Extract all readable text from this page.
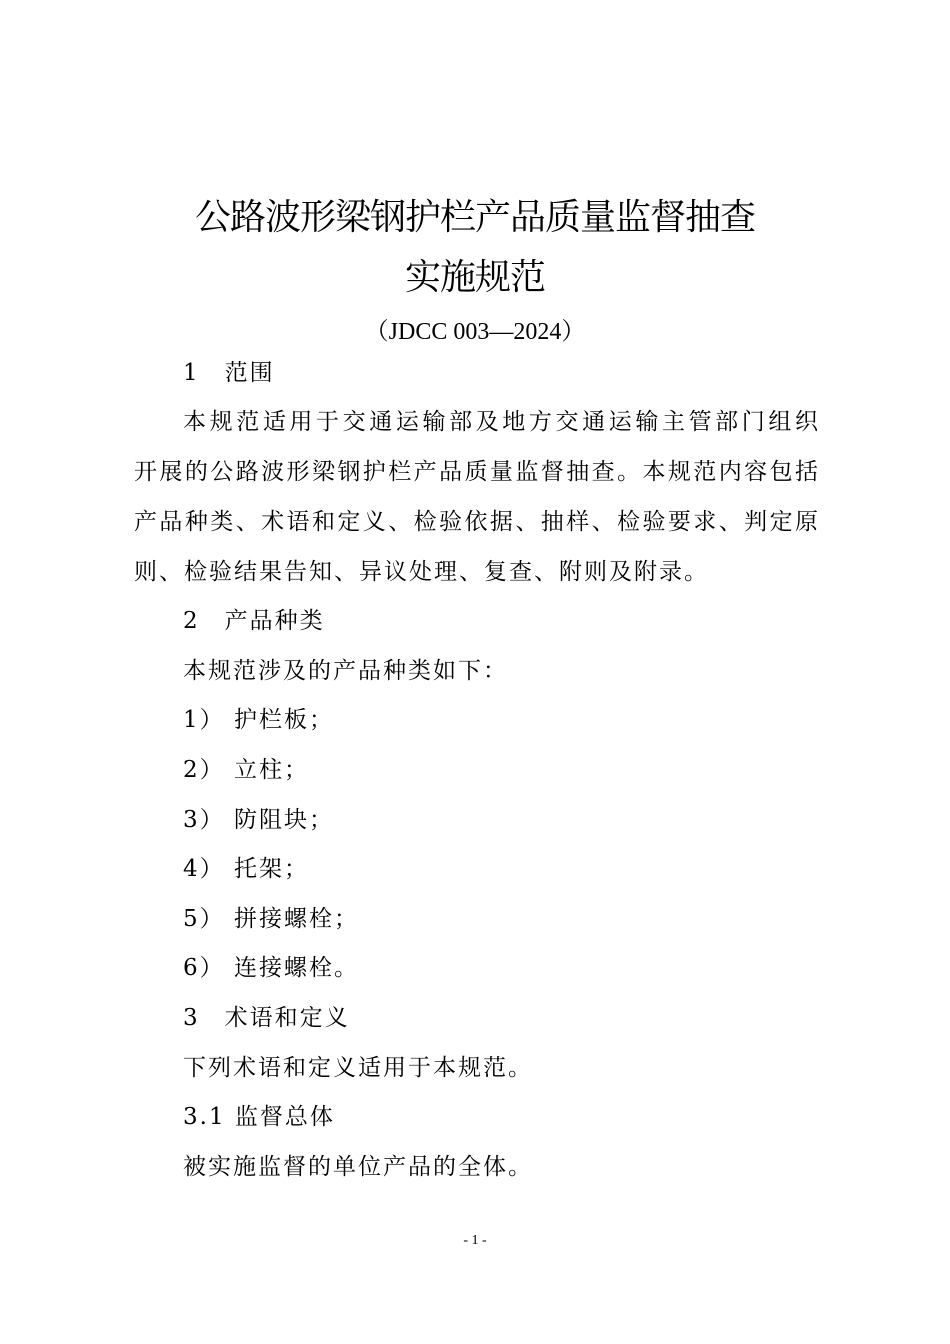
公路波形梁钢护栏产品质量监督抽查
实施规范
（JDCC 003—2024）
1　范围
本规范适用于交通运输部及地方交通运输主管部门组织
开展的公路波形梁钢护栏产品质量监督抽查。本规范内容包括
产品种类、术语和定义、检验依据、抽样、检验要求、判定原
则、检验结果告知、异议处理、复查、附则及附录。
2　产品种类
本规范涉及的产品种类如下：
1） 护栏板；
2） 立柱；
3） 防阻块；
4） 托架；
5） 拼接螺栓；
6） 连接螺栓。
3　术语和定义
下列术语和定义适用于本规范。
3.1 监督总体
被实施监督的单位产品的全体。
- 1 -
